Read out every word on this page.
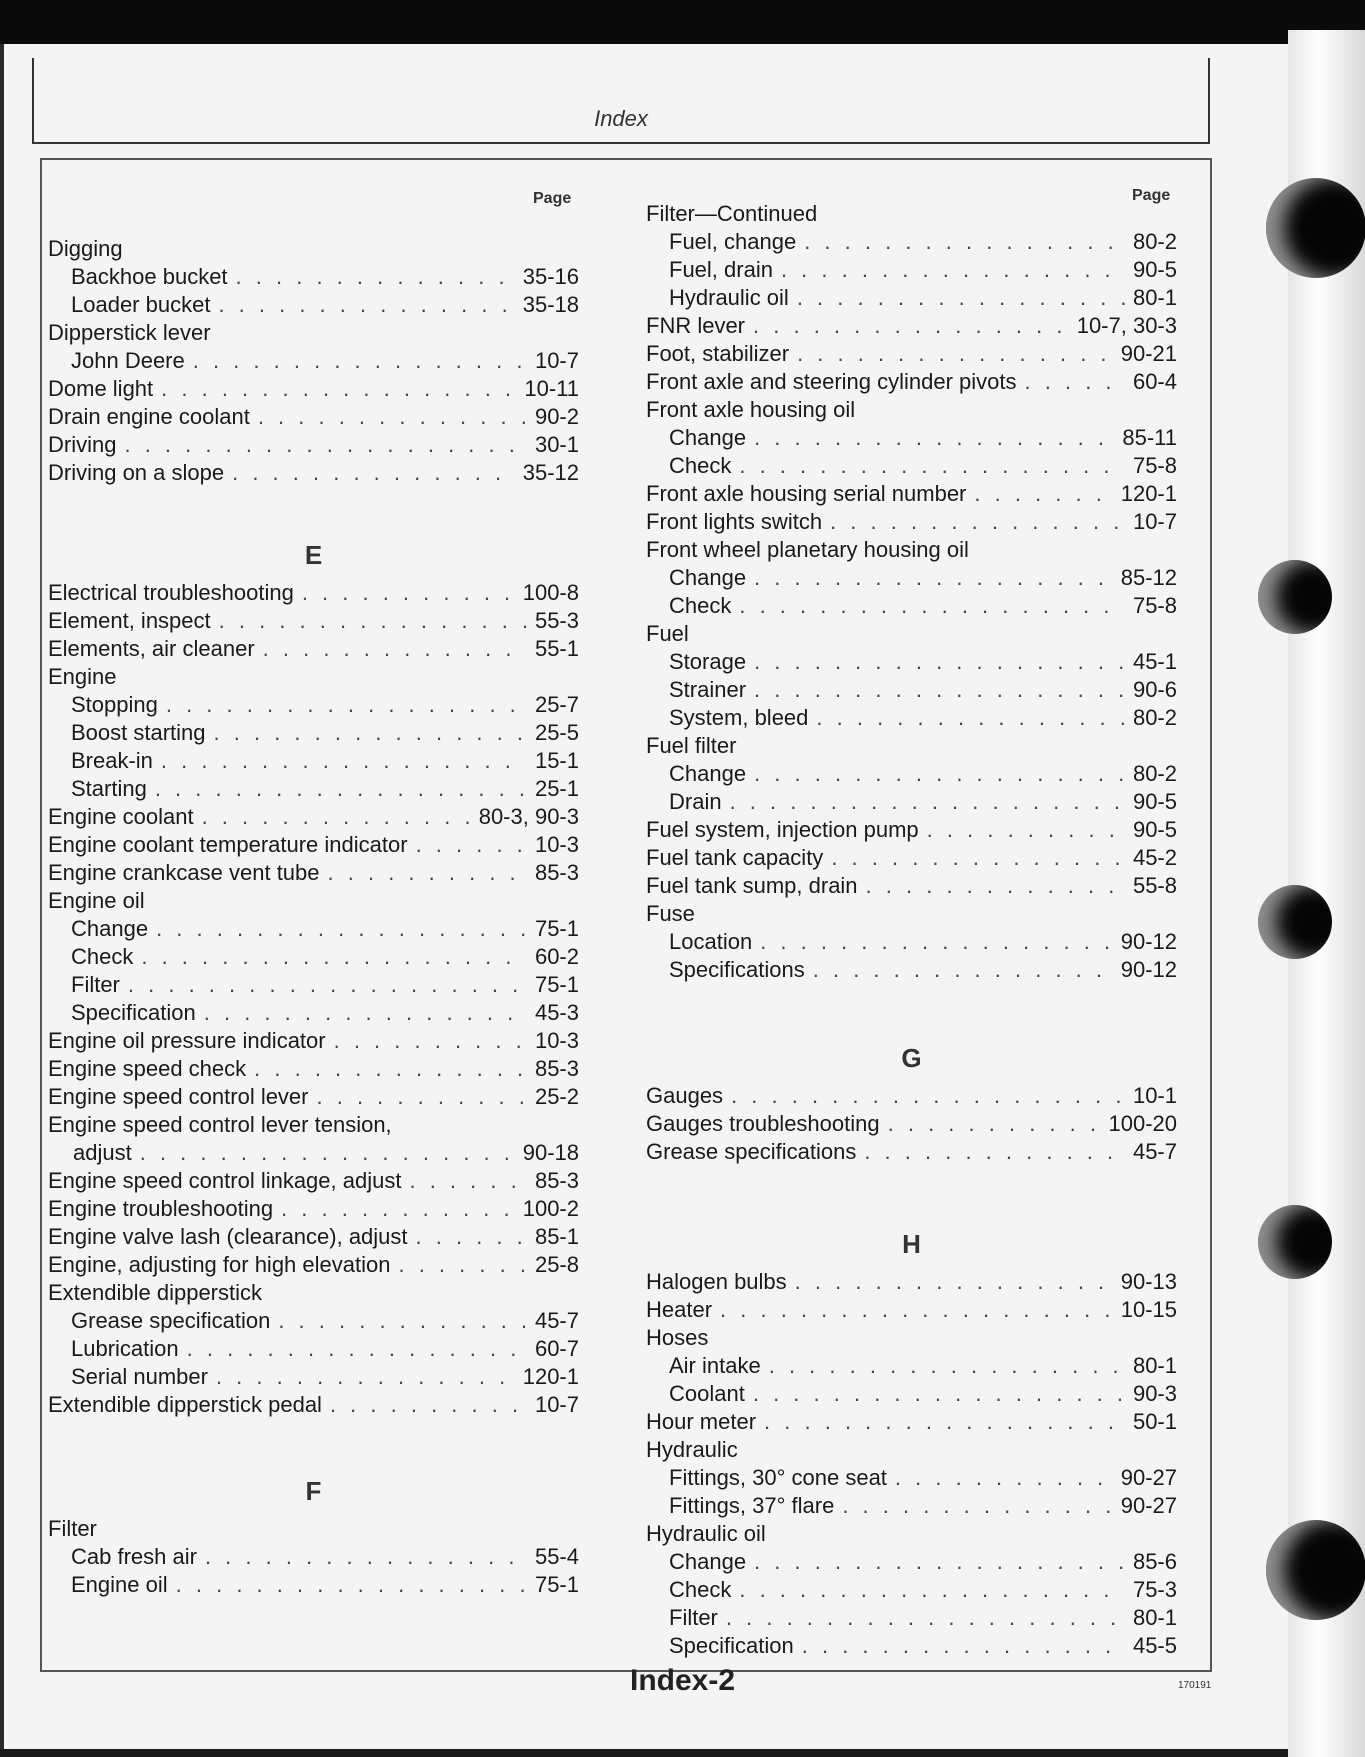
Index
Page	Page
Digging
Backhoe bucket . . .	35-16
Loader bucket . . .	35-18
Dipperstick lever
John Deere . . .	10-7
Dome light . . .	10-11
Drain engine coolant . . .	90-2
Driving . . .	30-1
Driving on a slope . . .	35-12
E
Electrical troubleshooting . . .	100-8
Element, inspect . . .	55-3
Elements, air cleaner . . .	55-1
Engine
Stopping . . .	25-7
Boost starting . . .	25-5
Break-in . . .	15-1
Starting . . .	25-1
Engine coolant . . .	80-3, 90-3
Engine coolant temperature indicator . . .	10-3
Engine crankcase vent tube . . .	85-3
Engine oil
Change . . .	75-1
Check . . .	60-2
Filter . . .	75-1
Specification . . .	45-3
Engine oil pressure indicator . . .	10-3
Engine speed check . . .	85-3
Engine speed control lever . . .	25-2
Engine speed control lever tension,
adjust . . .	90-18
Engine speed control linkage, adjust . . .	85-3
Engine troubleshooting . . .	100-2
Engine valve lash (clearance), adjust . . .	85-1
Engine, adjusting for high elevation . . .	25-8
Extendible dipperstick
Grease specification . . .	45-7
Lubrication . . .	60-7
Serial number . . .	120-1
Extendible dipperstick pedal . . .	10-7
F
Filter
Cab fresh air . . .	55-4
Engine oil . . .	75-1
Filter—Continued
Fuel, change . . .	80-2
Fuel, drain . . .	90-5
Hydraulic oil . . .	80-1
FNR lever . . .	10-7, 30-3
Foot, stabilizer . . .	90-21
Front axle and steering cylinder pivots . . .	60-4
Front axle housing oil
Change . . .	85-11
Check . . .	75-8
Front axle housing serial number . . .	120-1
Front lights switch . . .	10-7
Front wheel planetary housing oil
Change . . .	85-12
Check . . .	75-8
Fuel
Storage . . .	45-1
Strainer . . .	90-6
System, bleed . . .	80-2
Fuel filter
Change . . .	80-2
Drain . . .	90-5
Fuel system, injection pump . . .	90-5
Fuel tank capacity . . .	45-2
Fuel tank sump, drain . . .	55-8
Fuse
Location . . .	90-12
Specifications . . .	90-12
G
Gauges . . .	10-1
Gauges troubleshooting . . .	100-20
Grease specifications . . .	45-7
H
Halogen bulbs . . .	90-13
Heater . . .	10-15
Hoses
Air intake . . .	80-1
Coolant . . .	90-3
Hour meter . . .	50-1
Hydraulic
Fittings, 30° cone seat . . .	90-27
Fittings, 37° flare . . .	90-27
Hydraulic oil
Change . . .	85-6
Check . . .	75-3
Filter . . .	80-1
Specification . . .	45-5
Index-2	170191
